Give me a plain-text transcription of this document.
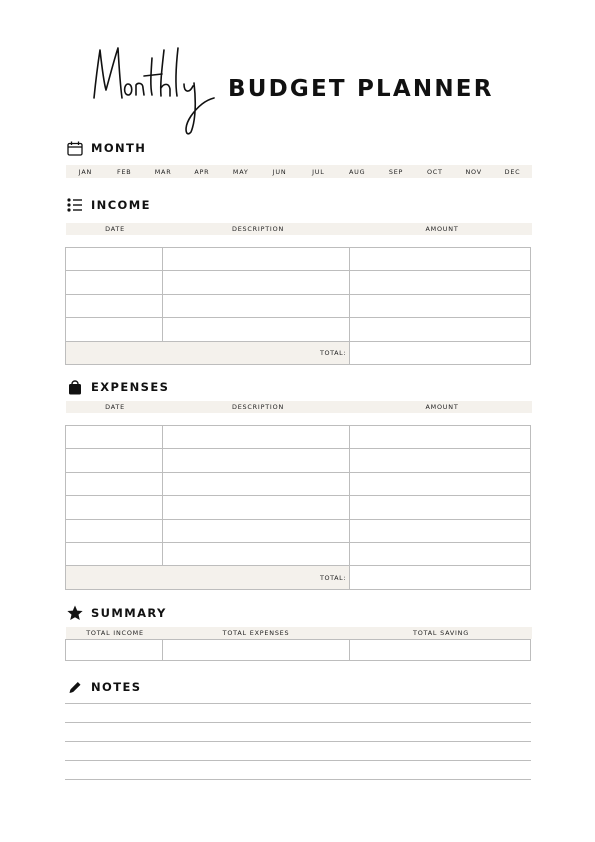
BUDGET PLANNER
MONTH
JAN	FEB	MAR	APR	MAY	JUN	JUL	AUG	SEP	OCT	NOV	DEC
INCOME
DATE	DESCRIPTION	AMOUNT

TOTAL:		
EXPENSES
DATE	DESCRIPTION	AMOUNT

TOTAL:		
SUMMARY
TOTAL INCOME	TOTAL EXPENSES	TOTAL SAVING

NOTES
